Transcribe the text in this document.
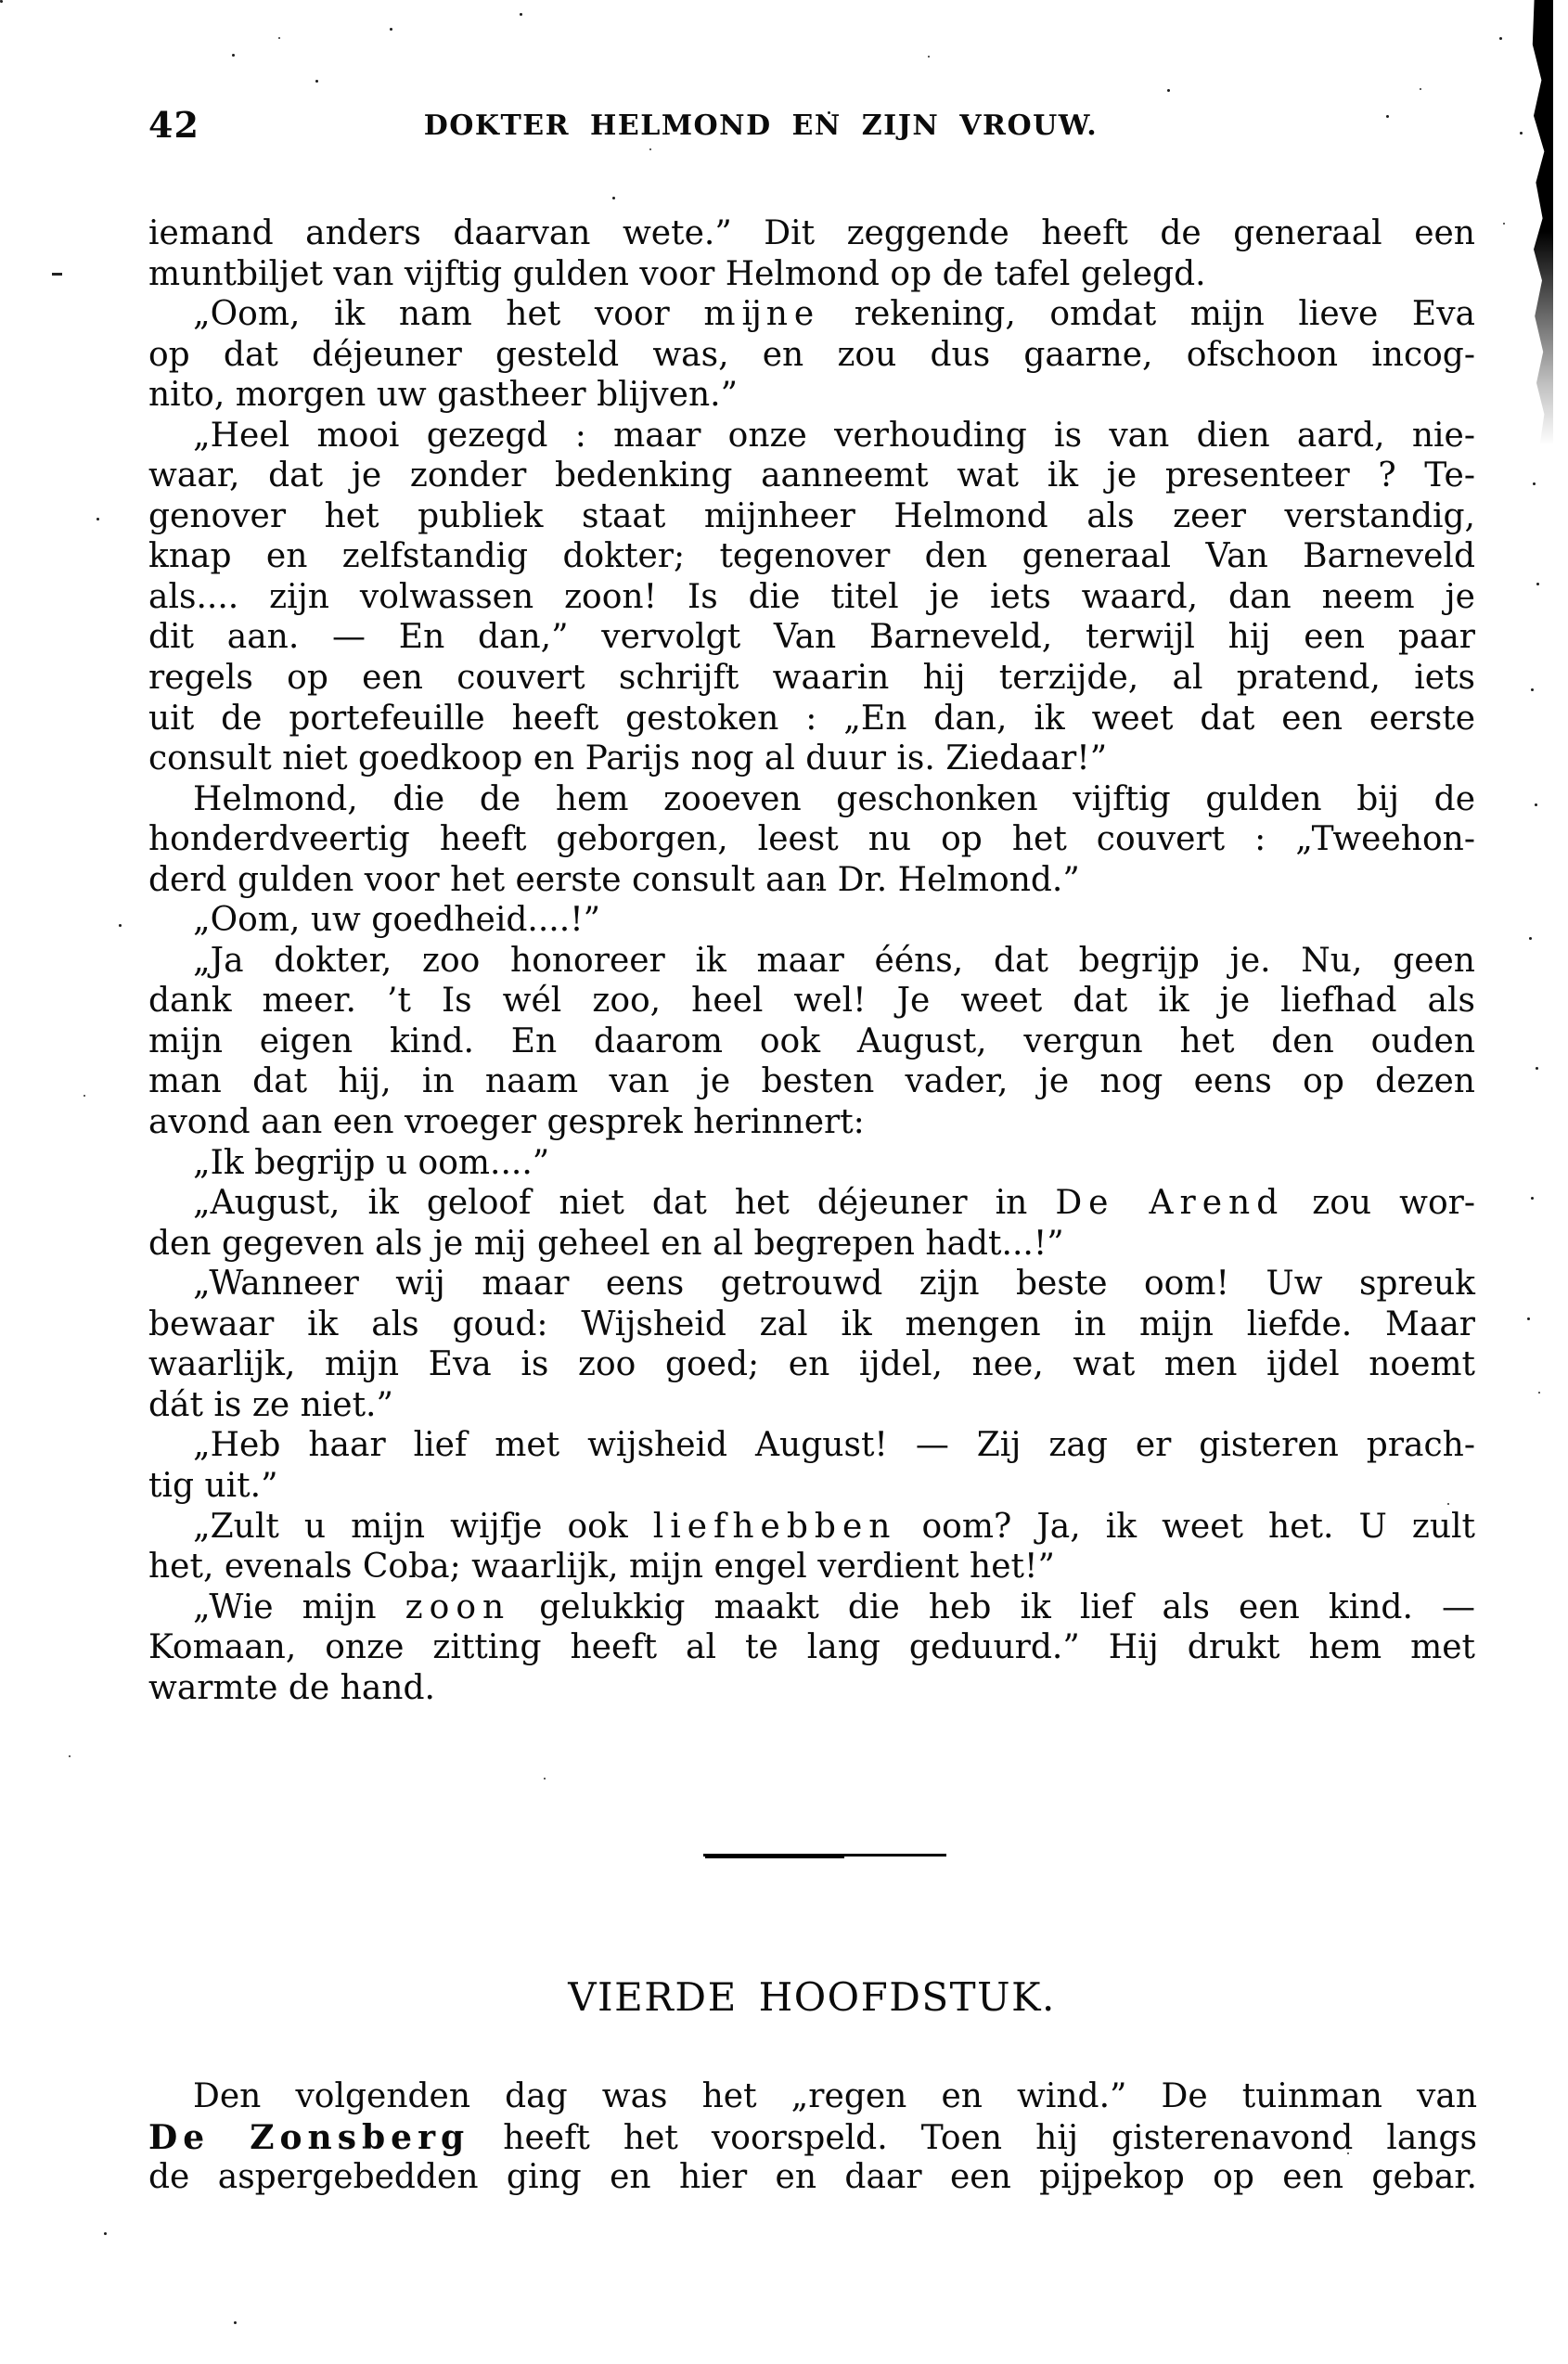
42	DOKTER HELMOND EN ZIJN VROUW.
iemand anders daarvan wete.” Dit zeggende heeft de generaal een
muntbiljet van vijftig gulden voor Helmond op de tafel gelegd.
„Oom, ik nam het voor mĳne rekening, omdat mijn lieve Eva
op dat déjeuner gesteld was, en zou dus gaarne, ofschoon incog-
nito, morgen uw gastheer blijven.”
„Heel mooi gezegd : maar onze verhouding is van dien aard, nie-
waar, dat je zonder bedenking aanneemt wat ik je presenteer ? Te-
genover het publiek staat mijnheer Helmond als zeer verstandig,
knap en zelfstandig dokter; tegenover den generaal Van Barneveld
als.... zijn volwassen zoon! Is die titel je iets waard, dan neem je
dit aan. — En dan,” vervolgt Van Barneveld, terwijl hij een paar
regels op een couvert schrijft waarin hij terzijde, al pratend, iets
uit de portefeuille heeft gestoken : „En dan, ik weet dat een eerste
consult niet goedkoop en Parijs nog al duur is. Ziedaar!”
Helmond, die de hem zooeven geschonken vijftig gulden bij de
honderdveertig heeft geborgen, leest nu op het couvert : „Tweehon-
derd gulden voor het eerste consult aan Dr. Helmond.”
„Oom, uw goedheid....!”
„Ja dokter, zoo honoreer ik maar ééns, dat begrijp je. Nu, geen
dank meer. ’t Is wél zoo, heel wel! Je weet dat ik je liefhad als
mijn eigen kind. En daarom ook August, vergun het den ouden
man dat hij, in naam van je besten vader, je nog eens op dezen
avond aan een vroeger gesprek herinnert:
„Ik begrijp u oom....”
„August, ik geloof niet dat het déjeuner in De Arend zou wor-
den gegeven als je mij geheel en al begrepen hadt...!”
„Wanneer wij maar eens getrouwd zijn beste oom! Uw spreuk
bewaar ik als goud: Wijsheid zal ik mengen in mijn liefde. Maar
waarlijk, mijn Eva is zoo goed; en ijdel, nee, wat men ijdel noemt
dát is ze niet.”
„Heb haar lief met wijsheid August! — Zij zag er gisteren prach-
tig uit.”
„Zult u mijn wijfje ook liefhebben oom? Ja, ik weet het. U zult
het, evenals Coba; waarlijk, mijn engel verdient het!”
„Wie mijn zoon gelukkig maakt die heb ik lief als een kind. —
Komaan, onze zitting heeft al te lang geduurd.” Hij drukt hem met
warmte de hand.
VIERDE HOOFDSTUK.
Den volgenden dag was het „regen en wind.” De tuinman van
De Zonsberg heeft het voorspeld. Toen hij gisterenavond langs
de aspergebedden ging en hier en daar een pijpekop op een gebar.
